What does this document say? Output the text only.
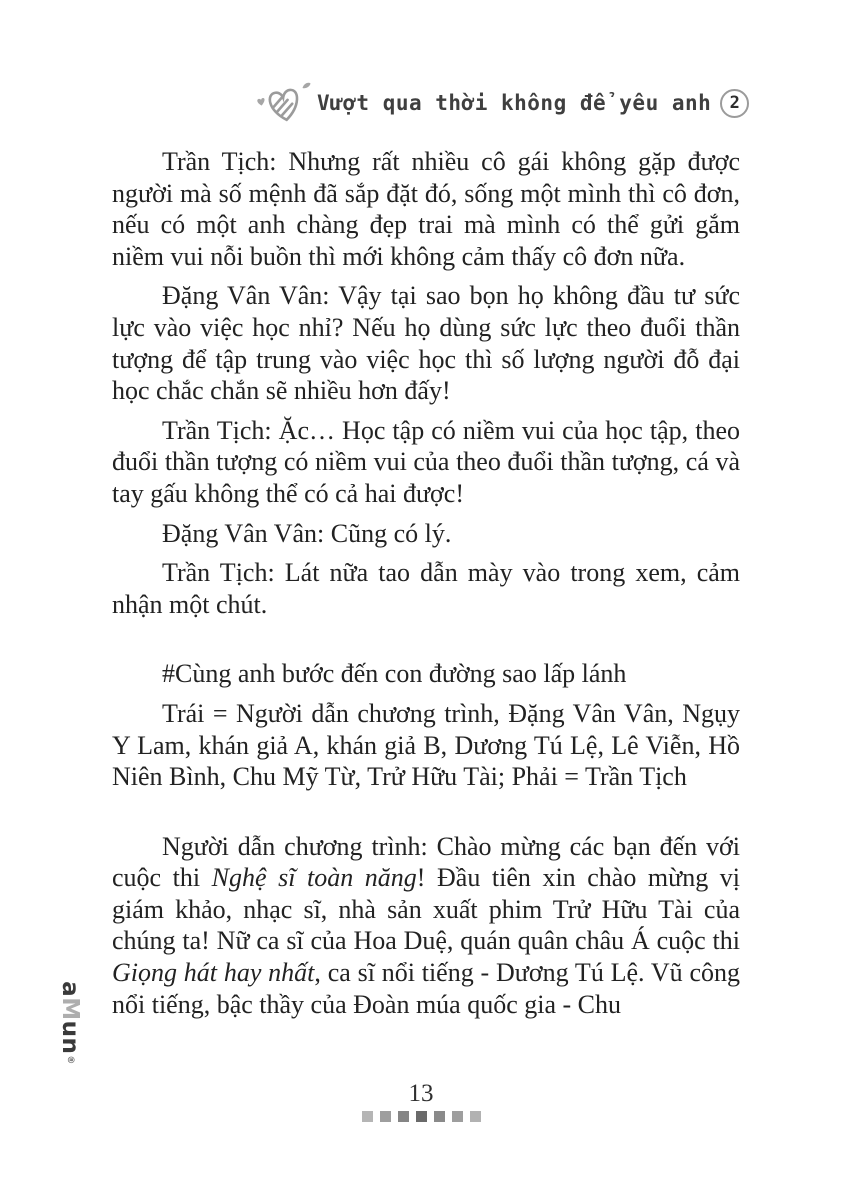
Vượt qua thời không để yêu anh 2

Trần Tịch: Nhưng rất nhiều cô gái không gặp được người mà số mệnh đã sắp đặt đó, sống một mình thì cô đơn, nếu có một anh chàng đẹp trai mà mình có thể gửi gắm niềm vui nỗi buồn thì mới không cảm thấy cô đơn nữa.

Đặng Vân Vân: Vậy tại sao bọn họ không đầu tư sức lực vào việc học nhỉ? Nếu họ dùng sức lực theo đuổi thần tượng để tập trung vào việc học thì số lượng người đỗ đại học chắc chắn sẽ nhiều hơn đấy!

Trần Tịch: Ặc… Học tập có niềm vui của học tập, theo đuổi thần tượng có niềm vui của theo đuổi thần tượng, cá và tay gấu không thể có cả hai được!

Đặng Vân Vân: Cũng có lý.

Trần Tịch: Lát nữa tao dẫn mày vào trong xem, cảm nhận một chút.

#Cùng anh bước đến con đường sao lấp lánh

Trái = Người dẫn chương trình, Đặng Vân Vân, Ngụy Y Lam, khán giả A, khán giả B, Dương Tú Lệ, Lê Viễn, Hồ Niên Bình, Chu Mỹ Từ, Trử Hữu Tài; Phải = Trần Tịch

Người dẫn chương trình: Chào mừng các bạn đến với cuộc thi Nghệ sĩ toàn năng! Đầu tiên xin chào mừng vị giám khảo, nhạc sĩ, nhà sản xuất phim Trử Hữu Tài của chúng ta! Nữ ca sĩ của Hoa Duệ, quán quân châu Á cuộc thi Giọng hát hay nhất, ca sĩ nổi tiếng - Dương Tú Lệ. Vũ công nổi tiếng, bậc thầy của Đoàn múa quốc gia - Chu

a
M
u
n
®
13
